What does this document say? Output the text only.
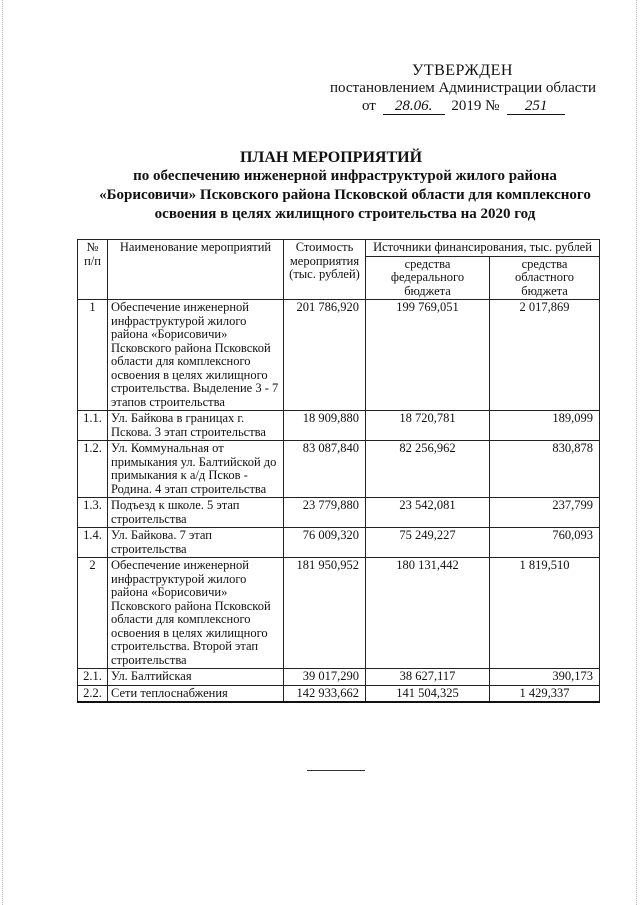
УТВЕРЖДЕН
постановлением Администрации области
от 28.06. 2019 № 251
ПЛАН МЕРОПРИЯТИЙ
по обеспечению инженерной инфраструктурой жилого района
«Борисовичи» Псковского района Псковской области для комплексного
освоения в целях жилищного строительства на 2020 год
№ п/п	Наименование мероприятий	Стоимость мероприятия (тыс. рублей)	Источники финансирования, тыс. рублей	
			средства федерального бюджета	средства областного бюджета
1	Обеспечение инженерной инфраструктурой жилого района «Борисовичи» Псковского района Псковской области для комплексного освоения в целях жилищного строительства. Выделение 3 - 7 этапов строительства	201 786,920	199 769,051	2 017,869
1.1.	Ул. Байкова в границах г. Пскова. 3 этап строительства	18 909,880	18 720,781	189,099
1.2.	Ул. Коммунальная от примыкания ул. Балтийской до примыкания к а/д Псков - Родина. 4 этап строительства	83 087,840	82 256,962	830,878
1.3.	Подъезд к школе. 5 этап строительства	23 779,880	23 542,081	237,799
1.4.	Ул. Байкова. 7 этап строительства	76 009,320	75 249,227	760,093
2	Обеспечение инженерной инфраструктурой жилого района «Борисовичи» Псковского района Псковской области для комплексного освоения в целях жилищного строительства. Второй этап строительства	181 950,952	180 131,442	1 819,510
2.1.	Ул. Балтийская	39 017,290	38 627,117	390,173
2.2.	Сети теплоснабжения	142 933,662	141 504,325	1 429,337
